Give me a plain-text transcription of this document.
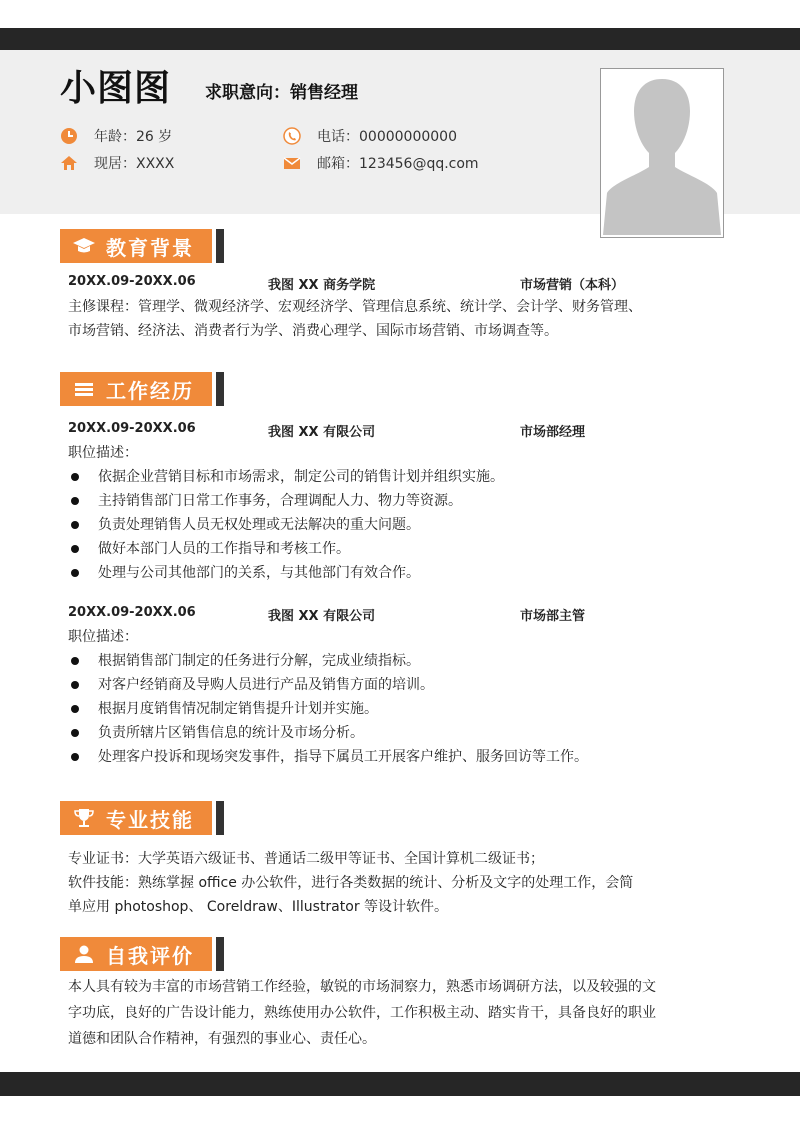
小图图 求职意向：销售经理
年龄：26 岁
现居：XXXX
电话：00000000000
邮箱：123456@qq.com
教育背景
20XX.09-20XX.06	我图 XX 商务学院	市场营销（本科）
主修课程：管理学、微观经济学、宏观经济学、管理信息系统、统计学、会计学、财务管理、
市场营销、经济法、消费者行为学、消费心理学、国际市场营销、市场调查等。
工作经历
20XX.09-20XX.06	我图 XX 有限公司	市场部经理
职位描述：
依据企业营销目标和市场需求，制定公司的销售计划并组织实施。
主持销售部门日常工作事务，合理调配人力、物力等资源。
负责处理销售人员无权处理或无法解决的重大问题。
做好本部门人员的工作指导和考核工作。
处理与公司其他部门的关系，与其他部门有效合作。
20XX.09-20XX.06	我图 XX 有限公司	市场部主管
职位描述：
根据销售部门制定的任务进行分解，完成业绩指标。
对客户经销商及导购人员进行产品及销售方面的培训。
根据月度销售情况制定销售提升计划并实施。
负责所辖片区销售信息的统计及市场分析。
处理客户投诉和现场突发事件，指导下属员工开展客户维护、服务回访等工作。
专业技能
专业证书：大学英语六级证书、普通话二级甲等证书、全国计算机二级证书；
软件技能：熟练掌握 office 办公软件，进行各类数据的统计、分析及文字的处理工作，会简
单应用 photoshop、 Coreldraw、Illustrator 等设计软件。
自我评价
本人具有较为丰富的市场营销工作经验，敏锐的市场洞察力，熟悉市场调研方法，以及较强的文
字功底，良好的广告设计能力，熟练使用办公软件，工作积极主动、踏实肯干，具备良好的职业
道德和团队合作精神，有强烈的事业心、责任心。
